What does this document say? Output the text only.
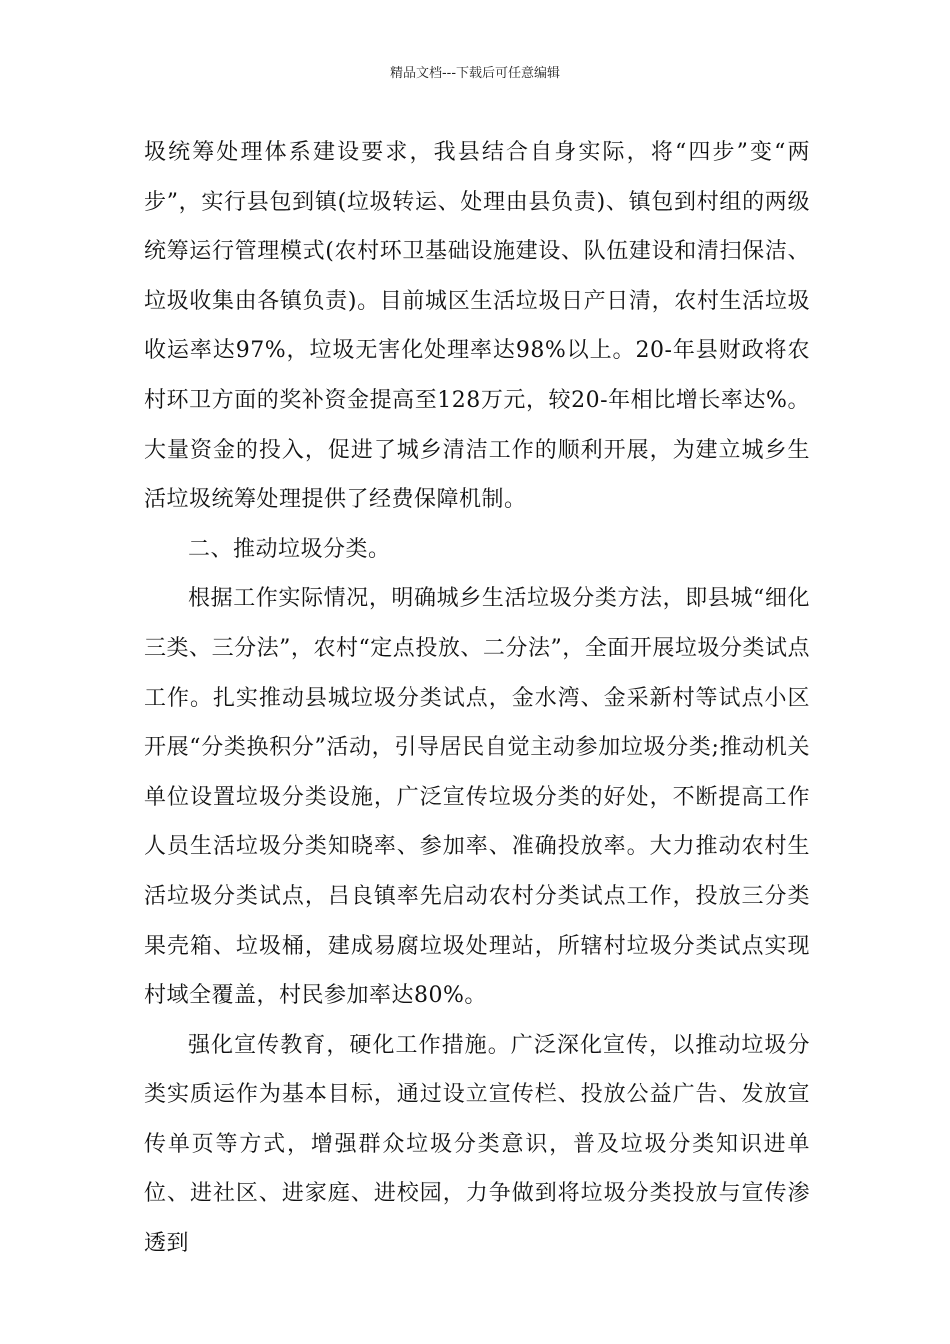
精品文档---下载后可任意编辑

圾统筹处理体系建设要求，我县结合自身实际，将“四步”变“两步”，实行县包到镇(垃圾转运、处理由县负责)、镇包到村组的两级统筹运行管理模式(农村环卫基础设施建设、队伍建设和清扫保洁、垃圾收集由各镇负责)。目前城区生活垃圾日产日清，农村生活垃圾收运率达97%，垃圾无害化处理率达98%以上。20-年县财政将农村环卫方面的奖补资金提高至128万元，较20-年相比增长率达%。大量资金的投入，促进了城乡清洁工作的顺利开展，为建立城乡生活垃圾统筹处理提供了经费保障机制。

二、推动垃圾分类。

根据工作实际情况，明确城乡生活垃圾分类方法，即县城“细化三类、三分法”，农村“定点投放、二分法”，全面开展垃圾分类试点工作。扎实推动县城垃圾分类试点，金水湾、金采新村等试点小区开展“分类换积分”活动，引导居民自觉主动参加垃圾分类;推动机关单位设置垃圾分类设施，广泛宣传垃圾分类的好处，不断提高工作人员生活垃圾分类知晓率、参加率、准确投放率。大力推动农村生活垃圾分类试点，吕良镇率先启动农村分类试点工作，投放三分类果壳箱、垃圾桶，建成易腐垃圾处理站，所辖村垃圾分类试点实现村域全覆盖，村民参加率达80%。

强化宣传教育，硬化工作措施。广泛深化宣传，以推动垃圾分类实质运作为基本目标，通过设立宣传栏、投放公益广告、发放宣传单页等方式，增强群众垃圾分类意识，普及垃圾分类知识进单位、进社区、进家庭、进校园，力争做到将垃圾分类投放与宣传渗透到
